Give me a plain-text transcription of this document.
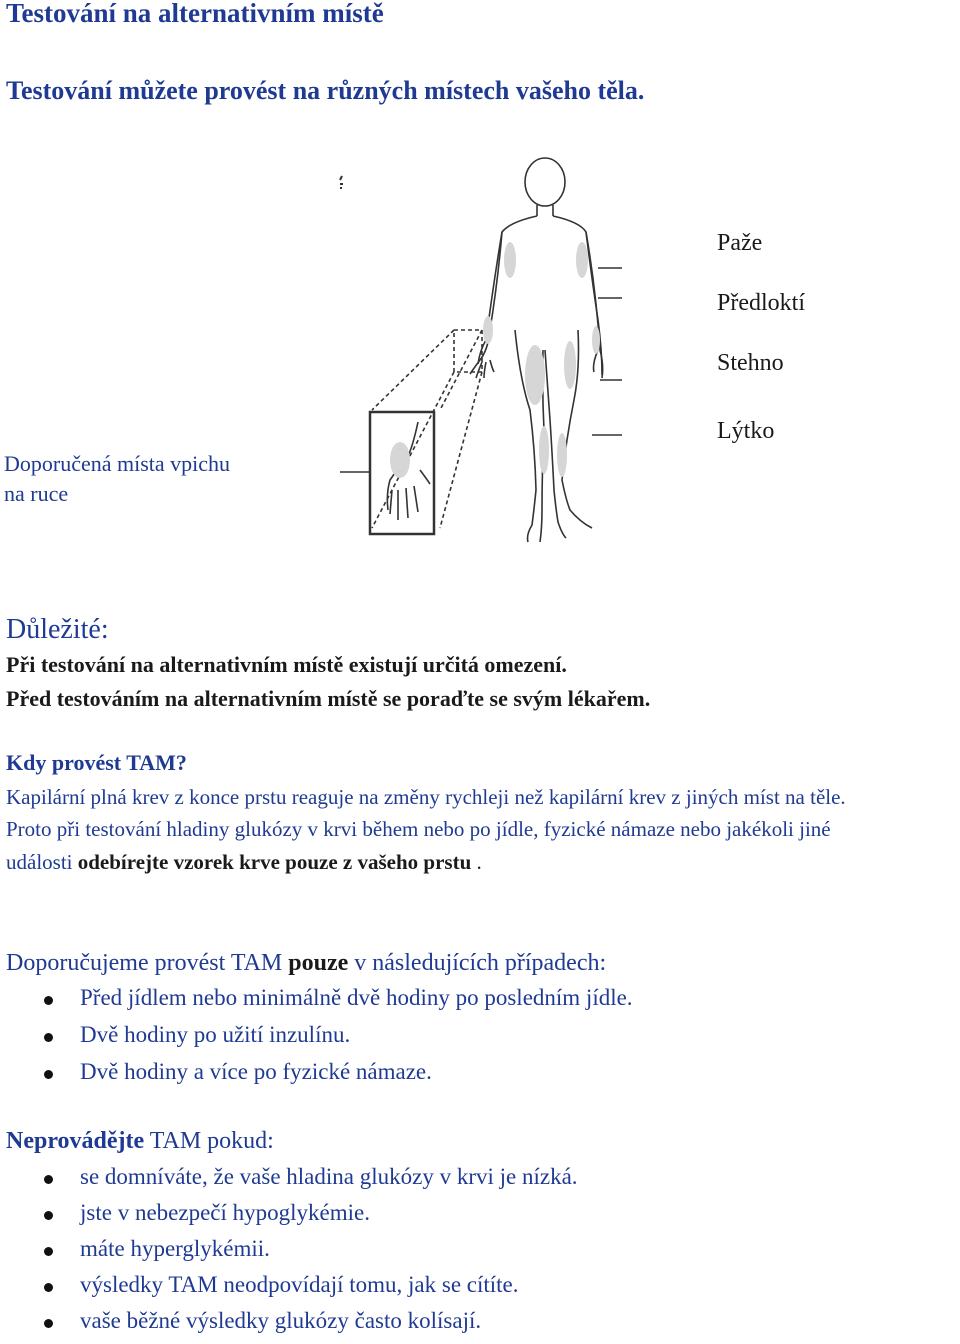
Testování na alternativním místě
Testování můžete provést na různých místech vašeho těla.
Paže
Předloktí
Stehno
Lýtko
Doporučená místa vpichu
na ruce
Důležité:
Při testování na alternativním místě existují určitá omezení.
Před testováním na alternativním místě se poraďte se svým lékařem.
Kdy provést TAM?
Kapilární plná krev z konce prstu reaguje na změny rychleji než kapilární krev z jiných míst na těle.
Proto při testování hladiny glukózy v krvi během nebo po jídle, fyzické námaze nebo jakékoli jiné
události odebírejte vzorek krve pouze z vašeho prstu .
Doporučujeme provést TAM pouze v následujících případech:
Před jídlem nebo minimálně dvě hodiny po posledním jídle.
Dvě hodiny po užití inzulínu.
Dvě hodiny a více po fyzické námaze.
Neprovádějte TAM pokud:
se domníváte, že vaše hladina glukózy v krvi je nízká.
jste v nebezpečí hypoglykémie.
máte hyperglykémii.
výsledky TAM neodpovídají tomu, jak se cítíte.
vaše běžné výsledky glukózy často kolísají.
